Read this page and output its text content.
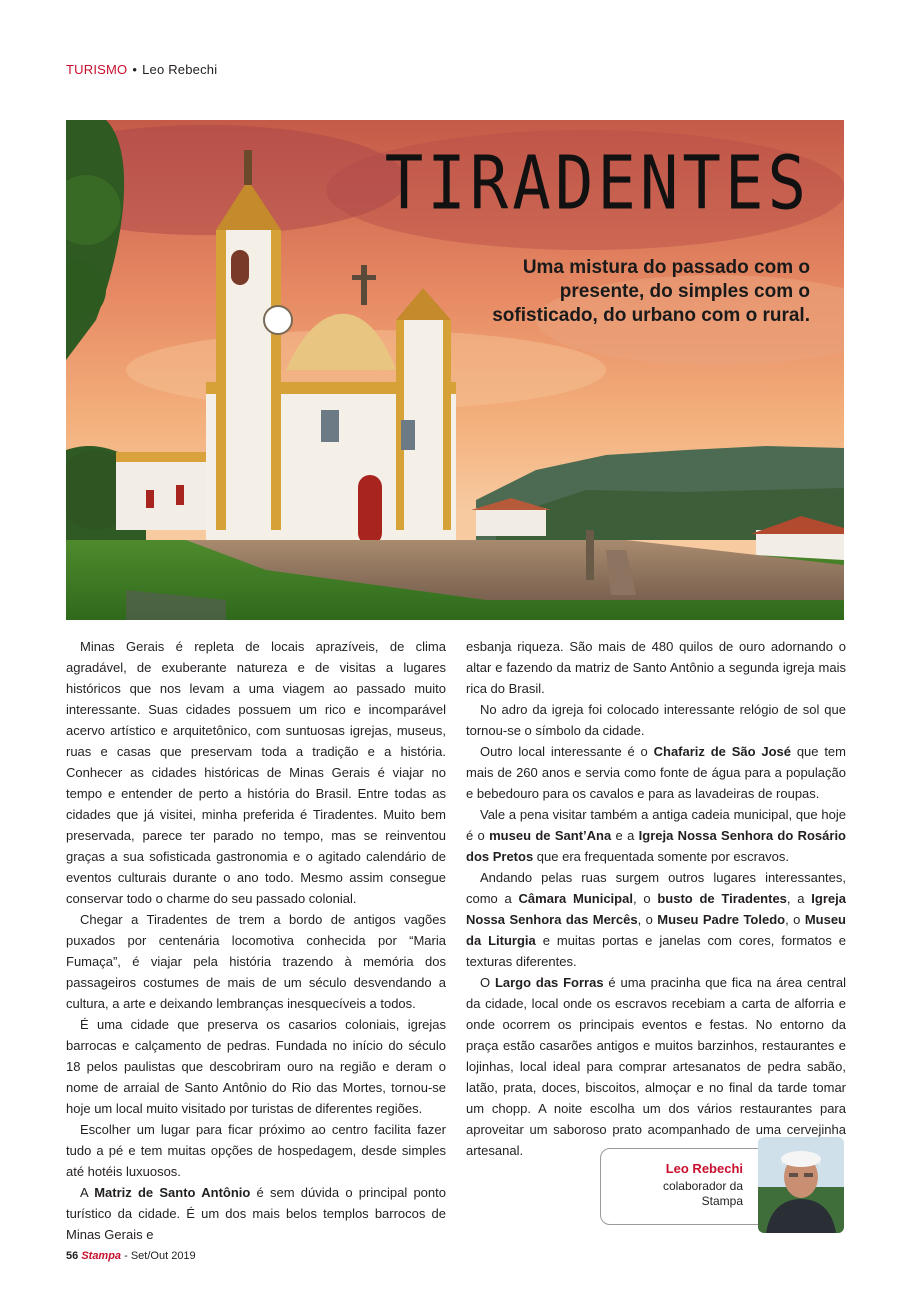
TURISMO • Leo Rebechi
TIRADENTES
Uma mistura do passado com o presente, do simples com o sofisticado, do urbano com o rural.

Minas Gerais é repleta de locais aprazíveis, de clima agradável, de exuberante natureza e de visitas a lugares históricos que nos levam a uma viagem ao passado muito interessante. Suas cidades possuem um rico e incomparável acervo artístico e arquitetônico, com suntuosas igrejas, museus, ruas e casas que preservam toda a tradição e a história. Conhecer as cidades históricas de Minas Gerais é viajar no tempo e entender de perto a história do Brasil. Entre todas as cidades que já visitei, minha preferida é Tiradentes. Muito bem preservada, parece ter parado no tempo, mas se reinventou graças a sua sofisticada gastronomia e o agitado calendário de eventos culturais durante o ano todo. Mesmo assim consegue conservar todo o charme do seu passado colonial.

Chegar a Tiradentes de trem a bordo de antigos vagões puxados por centenária locomotiva conhecida por “Maria Fumaça”, é viajar pela história trazendo à memória dos passageiros costumes de mais de um século desvendando a cultura, a arte e deixando lembranças inesquecíveis a todos.

É uma cidade que preserva os casarios coloniais, igrejas barrocas e calçamento de pedras. Fundada no início do século 18 pelos paulistas que descobriram ouro na região e deram o nome de arraial de Santo Antônio do Rio das Mortes, tornou-se hoje um local muito visitado por turistas de diferentes regiões.

Escolher um lugar para ficar próximo ao centro facilita fazer tudo a pé e tem muitas opções de hospedagem, desde simples até hotéis luxuosos.

A Matriz de Santo Antônio é sem dúvida o principal ponto turístico da cidade. É um dos mais belos templos barrocos de Minas Gerais e

esbanja riqueza. São mais de 480 quilos de ouro adornando o altar e fazendo da matriz de Santo Antônio a segunda igreja mais rica do Brasil.

No adro da igreja foi colocado interessante relógio de sol que tornou-se o símbolo da cidade.

Outro local interessante é o Chafariz de São José que tem mais de 260 anos e servia como fonte de água para a população e bebedouro para os cavalos e para as lavadeiras de roupas.

Vale a pena visitar também a antiga cadeia municipal, que hoje é o museu de Sant’Ana e a Igreja Nossa Senhora do Rosário dos Pretos que era frequentada somente por escravos.

Andando pelas ruas surgem outros lugares interessantes, como a Câmara Municipal, o busto de Tiradentes, a Igreja Nossa Senhora das Mercês, o Museu Padre Toledo, o Museu da Liturgia e muitas portas e janelas com cores, formatos e texturas diferentes.

O Largo das Forras é uma pracinha que fica na área central da cidade, local onde os escravos recebiam a carta de alforria e onde ocorrem os principais eventos e festas. No entorno da praça estão casarões antigos e muitos barzinhos, restaurantes e lojinhas, local ideal para comprar artesanatos de pedra sabão, latão, prata, doces, biscoitos, almoçar e no final da tarde tomar um chopp. A noite escolha um dos vários restaurantes para aproveitar um saboroso prato acompanhado de uma cervejinha artesanal.

Leo Rebechi
colaborador da Stampa
56 Stampa - Set/Out 2019
